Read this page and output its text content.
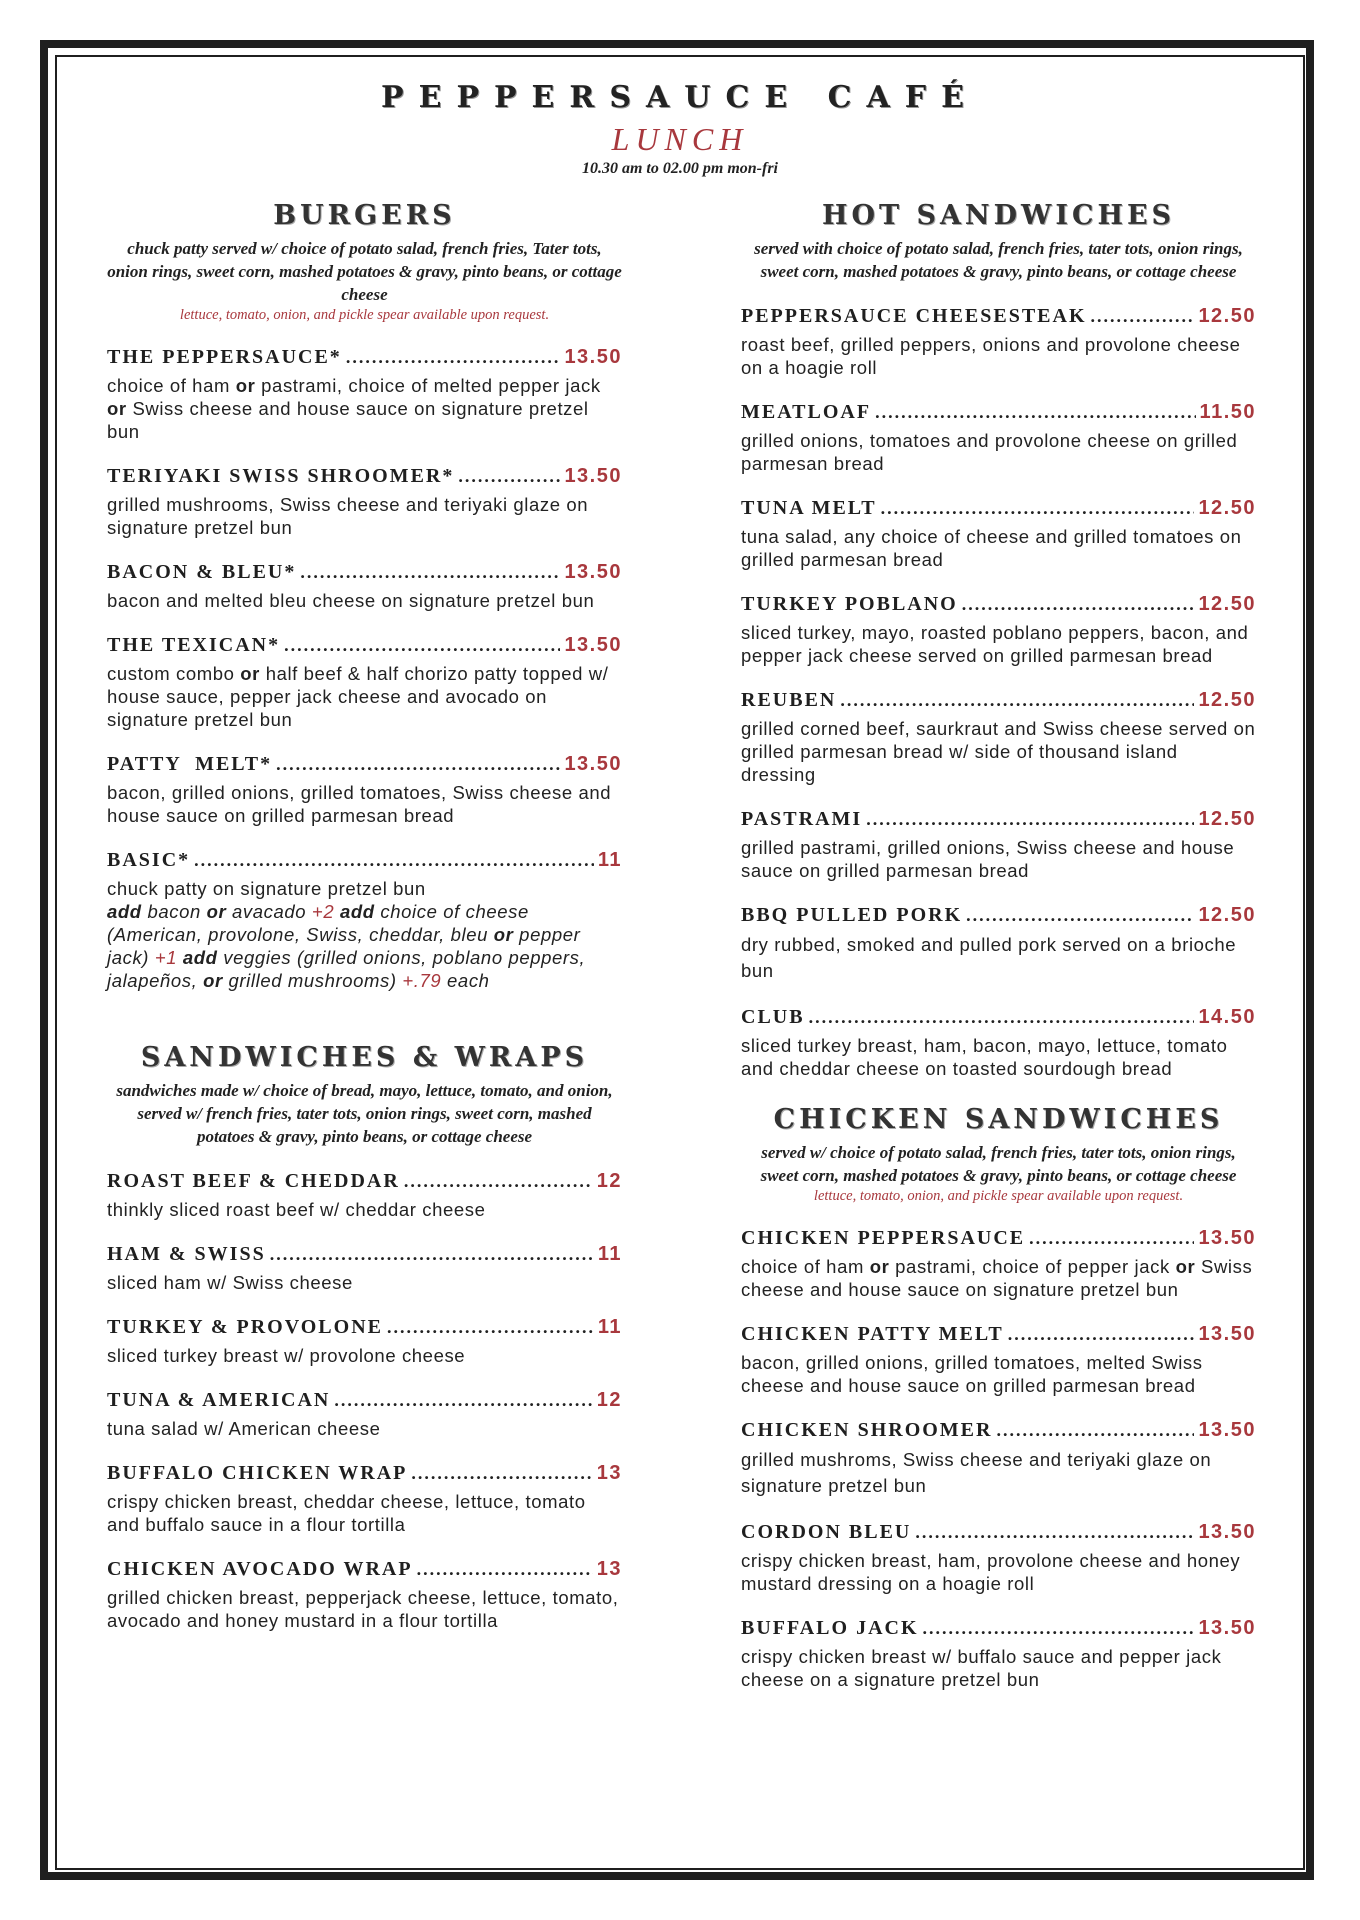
PEPPERSAUCE CAFÉ
LUNCH
10.30 am to 02.00 pm mon-fri
BURGERS
chuck patty served w/ choice of potato salad, french fries, Tater tots, onion rings, sweet corn, mashed potatoes & gravy, pinto beans, or cottage cheese
lettuce, tomato, onion, and pickle spear available upon request.
THE PEPPERSAUCE* .....	13.50
choice of ham or pastrami, choice of melted pepper jack or Swiss cheese and house sauce on signature pretzel bun
TERIYAKI SWISS SHROOMER* .....	13.50
grilled mushrooms, Swiss cheese and teriyaki glaze on signature pretzel bun
BACON & BLEU* .....	13.50
bacon and melted bleu cheese on signature pretzel bun
THE TEXICAN* .....	13.50
custom combo or half beef & half chorizo patty topped w/ house sauce, pepper jack cheese and avocado on signature pretzel bun
PATTY  MELT* .....	13.50
bacon, grilled onions, grilled tomatoes, Swiss cheese and house sauce on grilled parmesan bread
BASIC* .....	11
chuck patty on signature pretzel bun
add bacon or avacado +2 add choice of cheese (American, provolone, Swiss, cheddar, bleu or pepper jack) +1 add veggies (grilled onions, poblano peppers, jalapeños, or grilled mushrooms) +.79 each
SANDWICHES & WRAPS
sandwiches made w/ choice of bread, mayo, lettuce, tomato, and onion, served w/ french fries, tater tots, onion rings, sweet corn, mashed potatoes & gravy, pinto beans, or cottage cheese
ROAST BEEF & CHEDDAR .....	12
thinkly sliced roast beef w/ cheddar cheese
HAM & SWISS .....	11
sliced ham w/ Swiss cheese
TURKEY & PROVOLONE .....	11
sliced turkey breast w/ provolone cheese
TUNA & AMERICAN .....	12
tuna salad w/ American cheese
BUFFALO CHICKEN WRAP .....	13
crispy chicken breast, cheddar cheese, lettuce, tomato and buffalo sauce in a flour tortilla
CHICKEN AVOCADO WRAP .....	13
grilled chicken breast, pepperjack cheese, lettuce, tomato, avocado and honey mustard in a flour tortilla
HOT SANDWICHES
served with choice of potato salad, french fries, tater tots, onion rings, sweet corn, mashed potatoes & gravy, pinto beans, or cottage cheese
PEPPERSAUCE CHEESESTEAK .....	12.50
roast beef, grilled peppers, onions and provolone cheese on a hoagie roll
MEATLOAF .....	11.50
grilled onions, tomatoes and provolone cheese on grilled parmesan bread
TUNA MELT .....	12.50
tuna salad, any choice of cheese and grilled tomatoes on grilled parmesan bread
TURKEY POBLANO .....	12.50
sliced turkey, mayo, roasted poblano peppers, bacon, and pepper jack cheese served on grilled parmesan bread
REUBEN .....	12.50
grilled corned beef, saurkraut and Swiss cheese served on grilled parmesan bread w/ side of thousand island dressing
PASTRAMI .....	12.50
grilled pastrami, grilled onions, Swiss cheese and house sauce on grilled parmesan bread
BBQ PULLED PORK .....	12.50
dry rubbed, smoked and pulled pork served on a brioche bun
CLUB .....	14.50
sliced turkey breast, ham, bacon, mayo, lettuce, tomato and cheddar cheese on toasted sourdough bread
CHICKEN SANDWICHES
served w/ choice of potato salad, french fries, tater tots, onion rings, sweet corn, mashed potatoes & gravy, pinto beans, or cottage cheese
lettuce, tomato, onion, and pickle spear available upon request.
CHICKEN PEPPERSAUCE .....	13.50
choice of ham or pastrami, choice of pepper jack or Swiss cheese and house sauce on signature pretzel bun
CHICKEN PATTY MELT .....	13.50
bacon, grilled onions, grilled tomatoes, melted Swiss cheese and house sauce on grilled parmesan bread
CHICKEN SHROOMER .....	13.50
grilled mushroms, Swiss cheese and teriyaki glaze on signature pretzel bun
CORDON BLEU .....	13.50
crispy chicken breast, ham, provolone cheese and honey mustard dressing on a hoagie roll
BUFFALO JACK .....	13.50
crispy chicken breast w/ buffalo sauce and pepper jack cheese on a signature pretzel bun
